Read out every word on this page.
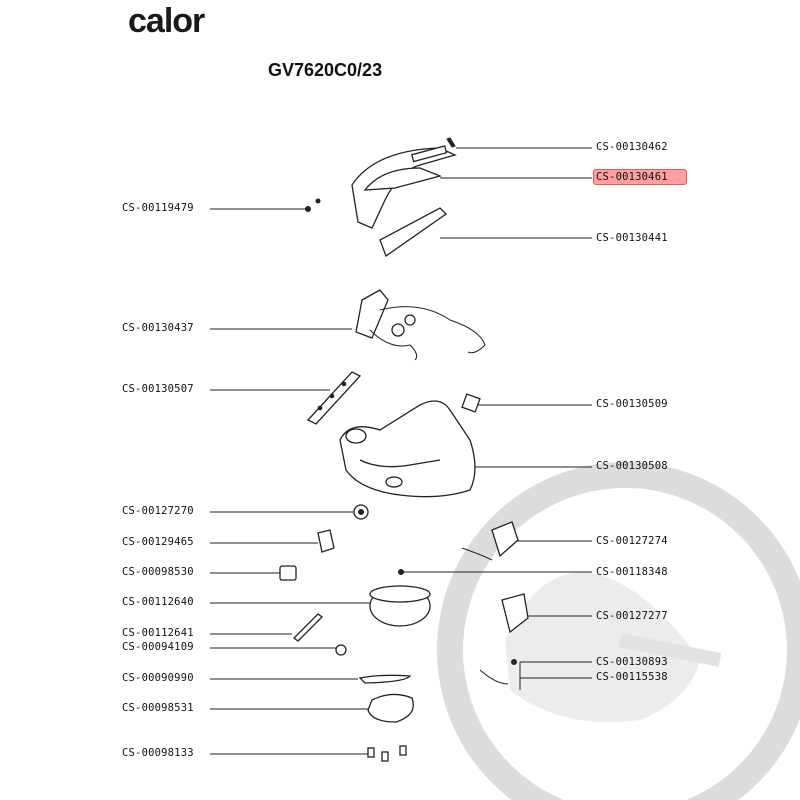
calor
GV7620C0/23
CS-00130462
CS-00130461
CS-00119479
CS-00130441
CS-00130437
CS-00130507
CS-00130509
CS-00130508
CS-00127270
CS-00129465	CS-00127274
CS-00098530	CS-00118348
CS-00112640
CS-00127277
CS-00112641
CS-00094109
CS-00130893
CS-00090990	CS-00115538
CS-00098531
CS-00098133
